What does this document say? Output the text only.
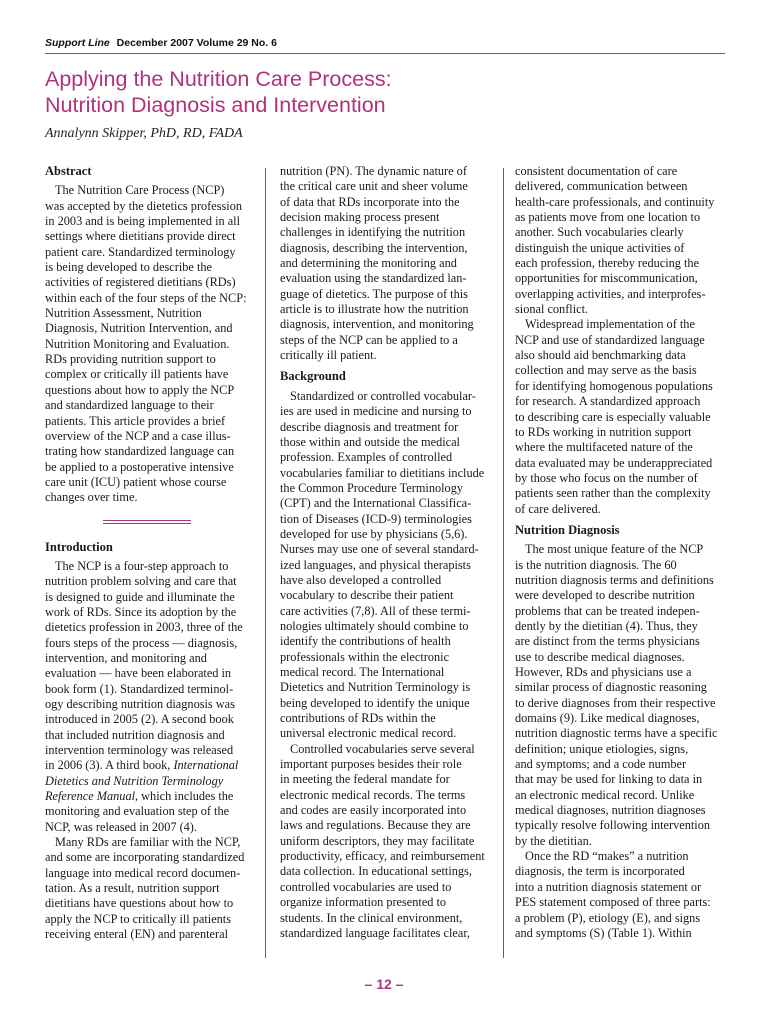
Support Line December 2007 Volume 29 No. 6
Applying the Nutrition Care Process:
Nutrition Diagnosis and Intervention
Annalynn Skipper, PhD, RD, FADA
Abstract
The Nutrition Care Process (NCP)
was accepted by the dietetics profession
in 2003 and is being implemented in all
settings where dietitians provide direct
patient care. Standardized terminology
is being developed to describe the
activities of registered dietitians (RDs)
within each of the four steps of the NCP:
Nutrition Assessment, Nutrition
Diagnosis, Nutrition Intervention, and
Nutrition Monitoring and Evaluation.
RDs providing nutrition support to
complex or critically ill patients have
questions about how to apply the NCP
and standardized language to their
patients. This article provides a brief
overview of the NCP and a case illus-
trating how standardized language can
be applied to a postoperative intensive
care unit (ICU) patient whose course
changes over time.
Introduction
The NCP is a four-step approach to
nutrition problem solving and care that
is designed to guide and illuminate the
work of RDs. Since its adoption by the
dietetics profession in 2003, three of the
fours steps of the process — diagnosis,
intervention, and monitoring and
evaluation — have been elaborated in
book form (1). Standardized terminol-
ogy describing nutrition diagnosis was
introduced in 2005 (2). A second book
that included nutrition diagnosis and
intervention terminology was released
in 2006 (3). A third book, International
Dietetics and Nutrition Terminology
Reference Manual, which includes the
monitoring and evaluation step of the
NCP, was released in 2007 (4).
Many RDs are familiar with the NCP,
and some are incorporating standardized
language into medical record documen-
tation. As a result, nutrition support
dietitians have questions about how to
apply the NCP to critically ill patients
receiving enteral (EN) and parenteral
nutrition (PN). The dynamic nature of
the critical care unit and sheer volume
of data that RDs incorporate into the
decision making process present
challenges in identifying the nutrition
diagnosis, describing the intervention,
and determining the monitoring and
evaluation using the standardized lan-
guage of dietetics. The purpose of this
article is to illustrate how the nutrition
diagnosis, intervention, and monitoring
steps of the NCP can be applied to a
critically ill patient.
Background
Standardized or controlled vocabular-
ies are used in medicine and nursing to
describe diagnosis and treatment for
those within and outside the medical
profession. Examples of controlled
vocabularies familiar to dietitians include
the Common Procedure Terminology
(CPT) and the International Classifica-
tion of Diseases (ICD-9) terminologies
developed for use by physicians (5,6).
Nurses may use one of several standard-
ized languages, and physical therapists
have also developed a controlled
vocabulary to describe their patient
care activities (7,8). All of these termi-
nologies ultimately should combine to
identify the contributions of health
professionals within the electronic
medical record. The International
Dietetics and Nutrition Terminology is
being developed to identify the unique
contributions of RDs within the
universal electronic medical record.
Controlled vocabularies serve several
important purposes besides their role
in meeting the federal mandate for
electronic medical records. The terms
and codes are easily incorporated into
laws and regulations. Because they are
uniform descriptors, they may facilitate
productivity, efficacy, and reimbursement
data collection. In educational settings,
controlled vocabularies are used to
organize information presented to
students. In the clinical environment,
standardized language facilitates clear,
consistent documentation of care
delivered, communication between
health-care professionals, and continuity
as patients move from one location to
another. Such vocabularies clearly
distinguish the unique activities of
each profession, thereby reducing the
opportunities for miscommunication,
overlapping activities, and interprofes-
sional conflict.
Widespread implementation of the
NCP and use of standardized language
also should aid benchmarking data
collection and may serve as the basis
for identifying homogenous populations
for research. A standardized approach
to describing care is especially valuable
to RDs working in nutrition support
where the multifaceted nature of the
data evaluated may be underappreciated
by those who focus on the number of
patients seen rather than the complexity
of care delivered.
Nutrition Diagnosis
The most unique feature of the NCP
is the nutrition diagnosis. The 60
nutrition diagnosis terms and definitions
were developed to describe nutrition
problems that can be treated indepen-
dently by the dietitian (4). Thus, they
are distinct from the terms physicians
use to describe medical diagnoses.
However, RDs and physicians use a
similar process of diagnostic reasoning
to derive diagnoses from their respective
domains (9). Like medical diagnoses,
nutrition diagnostic terms have a specific
definition; unique etiologies, signs,
and symptoms; and a code number
that may be used for linking to data in
an electronic medical record. Unlike
medical diagnoses, nutrition diagnoses
typically resolve following intervention
by the dietitian.
Once the RD “makes” a nutrition
diagnosis, the term is incorporated
into a nutrition diagnosis statement or
PES statement composed of three parts:
a problem (P), etiology (E), and signs
and symptoms (S) (Table 1). Within
– 12 –
